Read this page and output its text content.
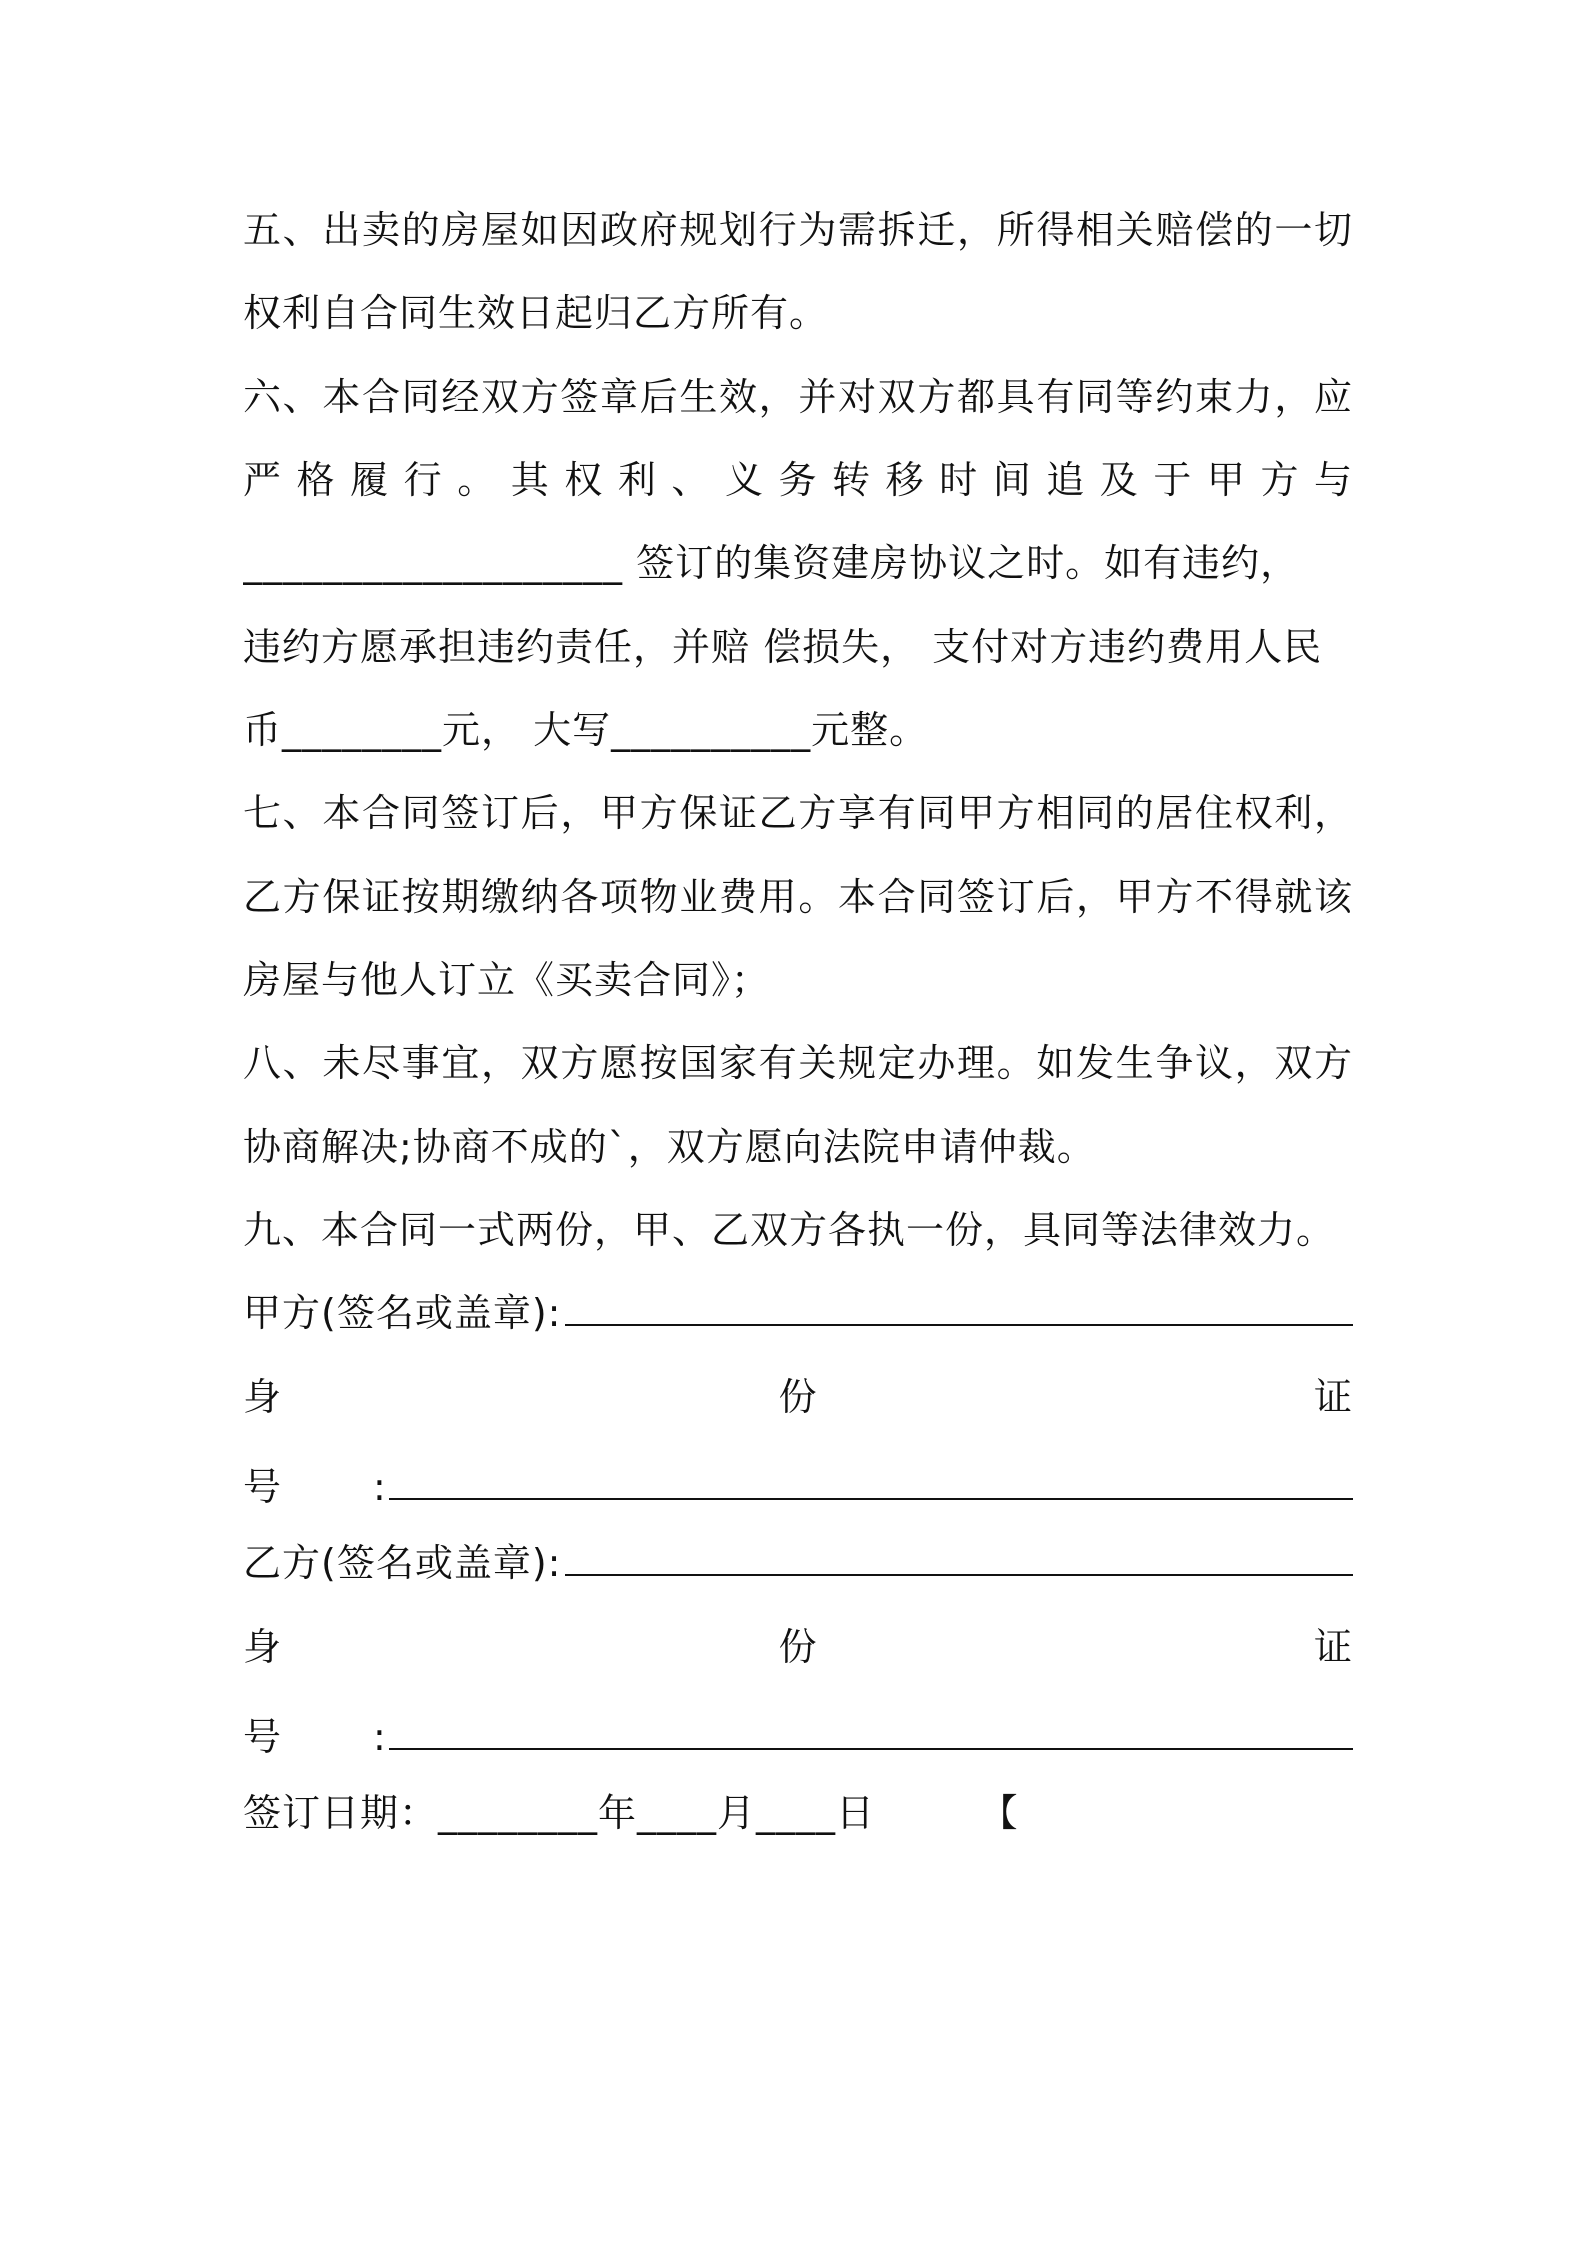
五、出卖的房屋如因政府规划行为需拆迁，所得相关赔偿的一切
权利自合同生效日起归乙方所有。
六、本合同经双方签章后生效，并对双方都具有同等约束力，应
严 格 履 行 。 其 权 利 、 义 务 转 移 时 间 追 及 于 甲 方 与
___________________ 签订的集资建房协议之时。如有违约，
违约方愿承担违约责任，并赔 偿损失， 支付对方违约费用人民
币________元， 大写__________元整。
七、本合同签订后，甲方保证乙方享有同甲方相同的居住权利，
乙方保证按期缴纳各项物业费用。本合同签订后，甲方不得就该
房屋与他人订立《买卖合同》；
八、未尽事宜，双方愿按国家有关规定办理。如发生争议，双方
协商解决;协商不成的`，双方愿向法院申请仲裁。
九、本合同一式两份，甲、乙双方各执一份，具同等法律效力。
甲方(签名或盖章):
身	份	证
号	:
乙方(签名或盖章):
身	份	证
号	:
签订日期：________年____月____日        【
